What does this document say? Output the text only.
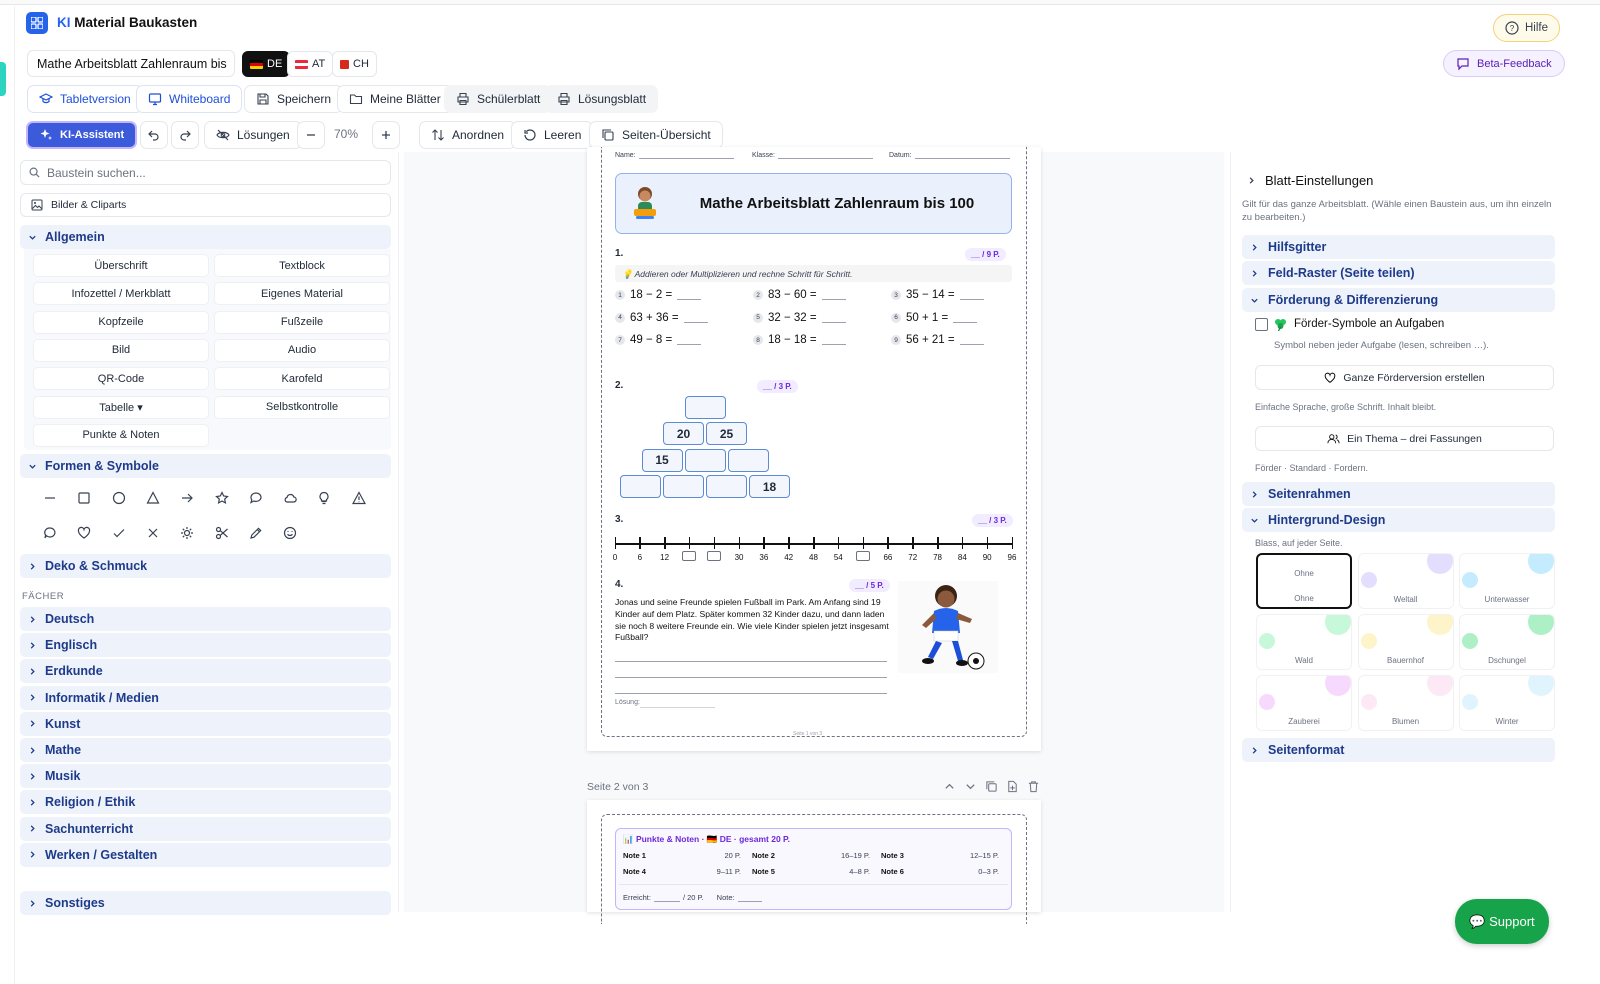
KI Material Baukasten	? Hilfe
Mathe Arbeitsblatt Zahlenraum bis	DE	AT	CH	Beta-Feedback
Tabletversion	Whiteboard	Speichern	Meine Blätter	Schülerblatt	Lösungsblatt
KI-Assistent	Lösungen	70%	Anordnen	Leeren	Seiten-Übersicht
Baustein suchen...
Bilder & Cliparts
Allgemein
Überschrift	Textblock
Infozettel / Merkblatt	Eigenes Material
Kopfzeile	Fußzeile
Bild	Audio
QR-Code	Karofeld
Tabelle ▾	Selbstkontrolle
Punkte & Noten
Formen & Symbole
Deko & Schmuck
FÄCHER
Deutsch
Englisch
Erdkunde
Informatik / Medien
Kunst
Mathe
Musik
Religion / Ethik
Sachunterricht
Werken / Gestalten
Sonstiges
Name:	Klasse:	Datum:
Mathe Arbeitsblatt Zahlenraum bis 100
1.	__ / 9 P.
💡 Addieren oder Multiplizieren und rechne Schritt für Schritt.
1 18 − 2 =	2 83 − 60 =	3 35 − 14 =
4 63 + 36 =	5 32 − 32 =	6 50 + 1 =
7 49 − 8 =	8 18 − 18 =	9 56 + 21 =
2.	__ / 3 P.
20	25
15
18
3.	__ / 3 P.
0	6	12	30	36	42	48	54	66	72	78	84	90	96
4.	__ / 5 P.
Jonas und seine Freunde spielen Fußball im Park. Am Anfang sind 19 Kinder auf dem Platz. Später kommen 32 Kinder dazu, und dann laden sie noch 8 weitere Freunde ein. Wie viele Kinder spielen jetzt insgesamt Fußball?
Lösung:
Seite 1 von 3
Seite 2 von 3
📊 Punkte & Noten · 🇩🇪 DE · gesamt 20 P.
Note 1	20 P. Note 2	16–19 P. Note 3	12–15 P.
Note 4	9–11 P. Note 5	4–8 P. Note 6	0–3 P.
Erreicht:	/ 20 P. Note:
Blatt-Einstellungen
Gilt für das ganze Arbeitsblatt. (Wähle einen Baustein aus, um ihn einzeln zu bearbeiten.)
Hilfsgitter
Feld-Raster (Seite teilen)
Förderung & Differenzierung
Förder-Symbole an Aufgaben
Symbol neben jeder Aufgabe (lesen, schreiben …).
Ganze Förderversion erstellen
Einfache Sprache, große Schrift. Inhalt bleibt.
Ein Thema – drei Fassungen
Förder · Standard · Fordern.
Seitenrahmen
Hintergrund-Design
Blass, auf jeder Seite.
Ohne
Ohne	Weltall	Unterwasser
Wald	Bauernhof	Dschungel
Zauberei	Blumen	Winter
Seitenformat
💬 Support
